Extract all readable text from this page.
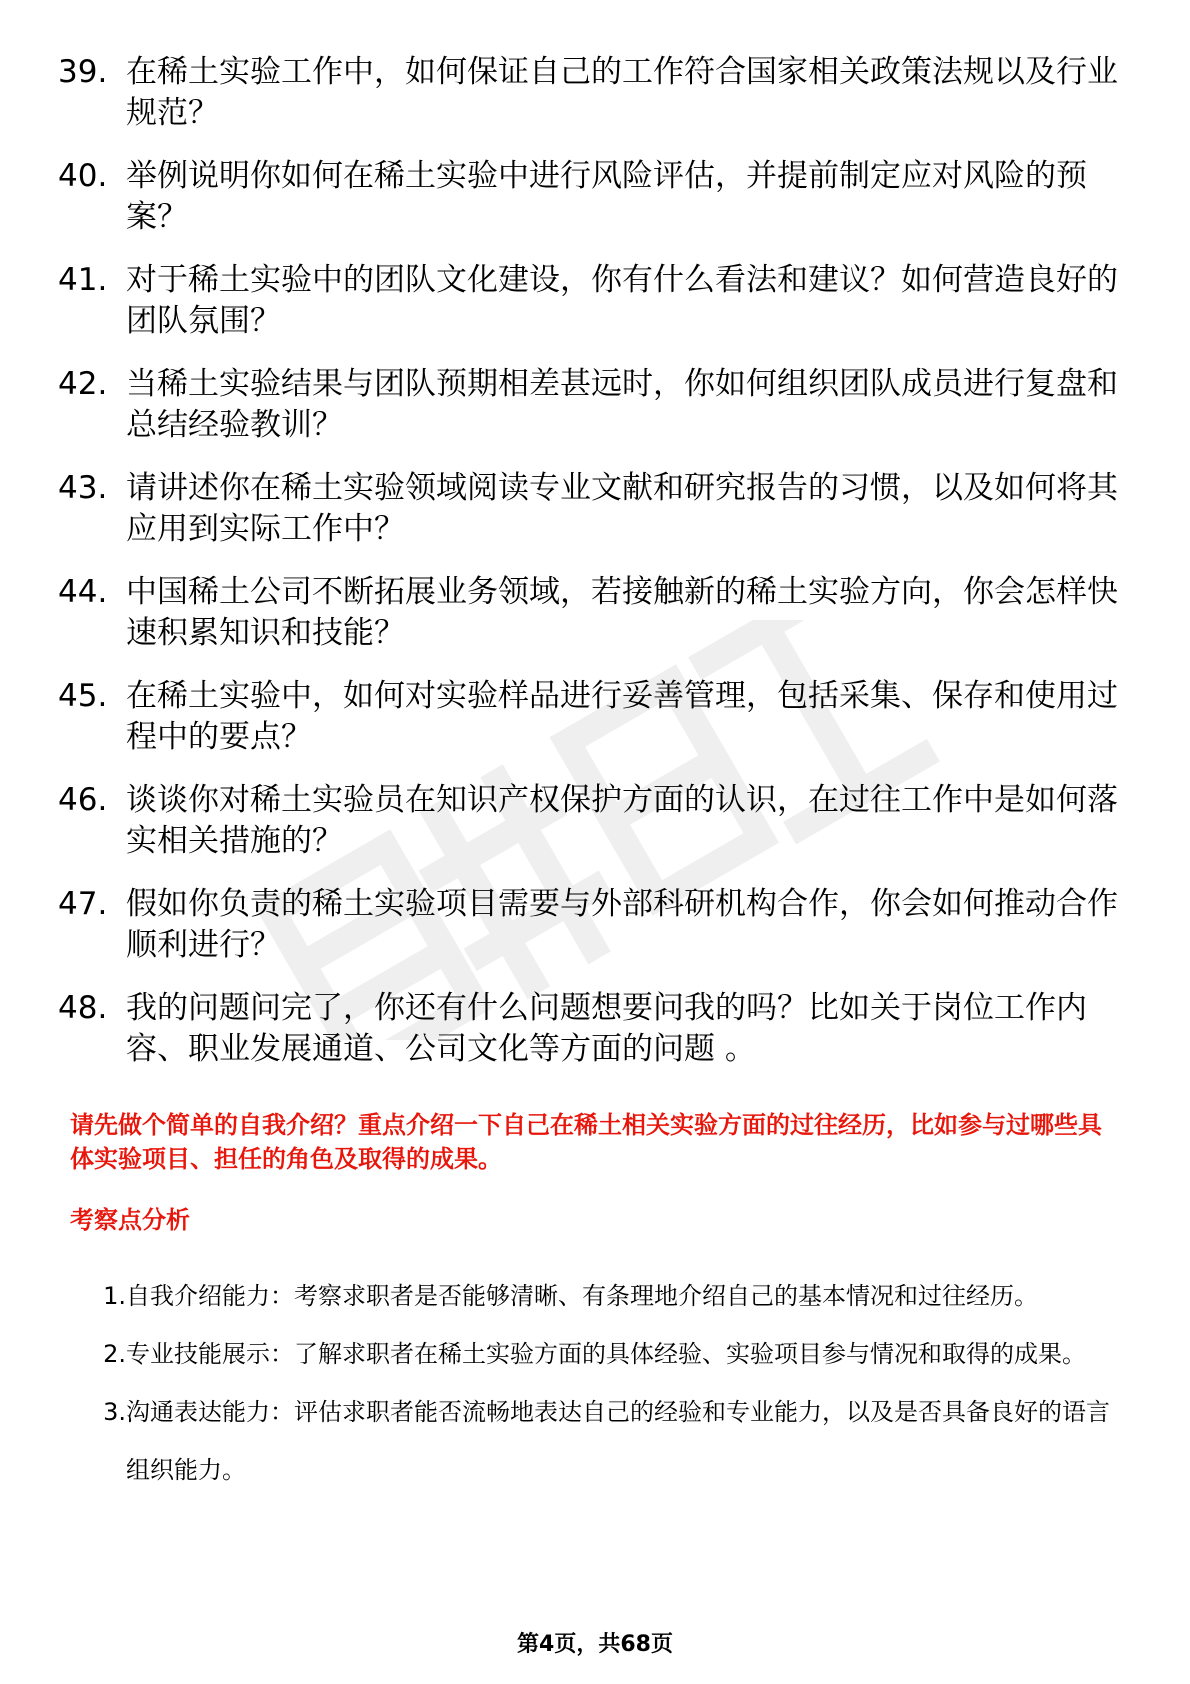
39. 在稀土实验工作中，如何保证自己的工作符合国家相关政策法规以及行业规范？
40. 举例说明你如何在稀土实验中进行风险评估，并提前制定应对风险的预案？
41. 对于稀土实验中的团队文化建设，你有什么看法和建议？如何营造良好的团队氛围？
42. 当稀土实验结果与团队预期相差甚远时，你如何组织团队成员进行复盘和总结经验教训？
43. 请讲述你在稀土实验领域阅读专业文献和研究报告的习惯，以及如何将其应用到实际工作中？
44. 中国稀土公司不断拓展业务领域，若接触新的稀土实验方向，你会怎样快速积累知识和技能？
45. 在稀土实验中，如何对实验样品进行妥善管理，包括采集、保存和使用过程中的要点？
46. 谈谈你对稀土实验员在知识产权保护方面的认识，在过往工作中是如何落实相关措施的？
47. 假如你负责的稀土实验项目需要与外部科研机构合作，你会如何推动合作顺利进行？
48. 我的问题问完了，你还有什么问题想要问我的吗？比如关于岗位工作内容、职业发展通道、公司文化等方面的问题 。
请先做个简单的自我介绍？重点介绍一下自己在稀土相关实验方面的过往经历，比如参与过哪些具体实验项目、担任的角色及取得的成果。
考察点分析
1. 自我介绍能力：考察求职者是否能够清晰、有条理地介绍自己的基本情况和过往经历。
2. 专业技能展示：了解求职者在稀土实验方面的具体经验、实验项目参与情况和取得的成果。
3. 沟通表达能力：评估求职者能否流畅地表达自己的经验和专业能力，以及是否具备良好的语言组织能力。
第4页，共68页
